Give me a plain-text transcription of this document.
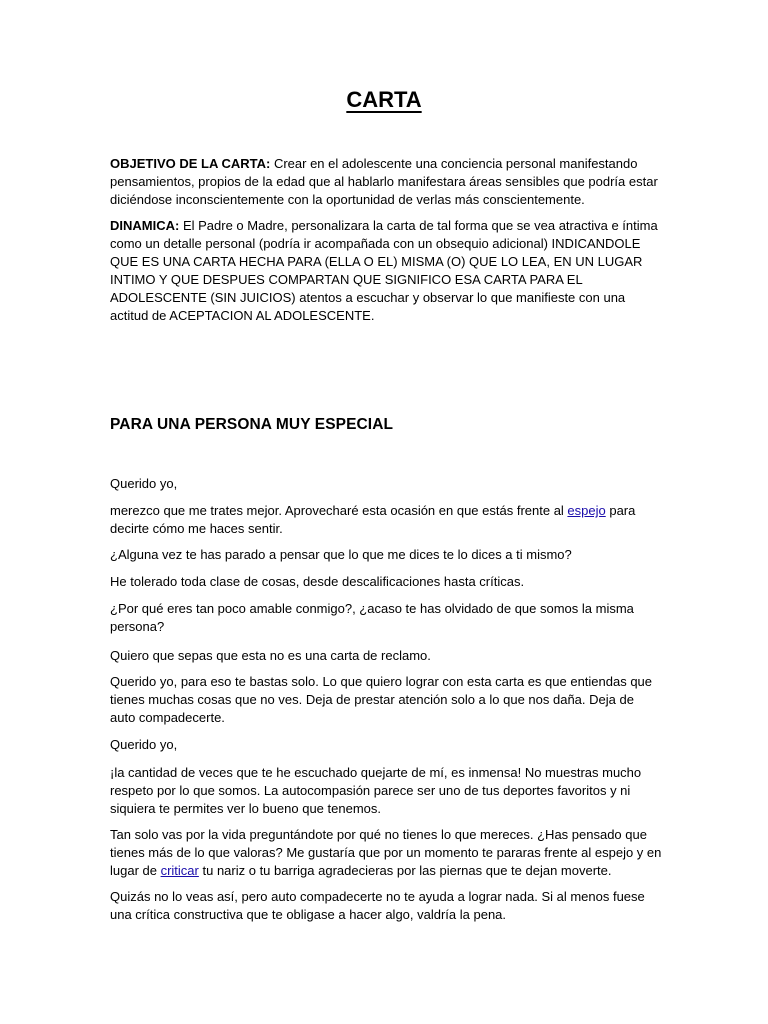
CARTA

OBJETIVO DE LA CARTA: Crear en el adolescente una conciencia personal manifestando pensamientos, propios de la edad que al hablarlo manifestara áreas sensibles que podría estar diciéndose inconscientemente con la oportunidad de verlas más conscientemente.

DINAMICA: El Padre o Madre, personalizara la carta de tal forma que se vea atractiva e íntima como un detalle personal (podría ir acompañada con un obsequio adicional) INDICANDOLE QUE ES UNA CARTA HECHA PARA (ELLA O EL) MISMA (O) QUE LO LEA, EN UN LUGAR INTIMO Y QUE DESPUES COMPARTAN QUE SIGNIFICO ESA CARTA PARA EL ADOLESCENTE (SIN JUICIOS) atentos a escuchar y observar lo que manifieste con una actitud de ACEPTACION AL ADOLESCENTE.

PARA UNA PERSONA MUY ESPECIAL

Querido yo,

merezco que me trates mejor. Aprovecharé esta ocasión en que estás frente al espejo para decirte cómo me haces sentir.

¿Alguna vez te has parado a pensar que lo que me dices te lo dices a ti mismo?

He tolerado toda clase de cosas, desde descalificaciones hasta críticas.

¿Por qué eres tan poco amable conmigo?, ¿acaso te has olvidado de que somos la misma persona?

Quiero que sepas que esta no es una carta de reclamo.

Querido yo, para eso te bastas solo. Lo que quiero lograr con esta carta es que entiendas que tienes muchas cosas que no ves. Deja de prestar atención solo a lo que nos daña. Deja de auto compadecerte.

Querido yo,

¡la cantidad de veces que te he escuchado quejarte de mí, es inmensa! No muestras mucho respeto por lo que somos. La autocompasión parece ser uno de tus deportes favoritos y ni siquiera te permites ver lo bueno que tenemos.

Tan solo vas por la vida preguntándote por qué no tienes lo que mereces. ¿Has pensado que tienes más de lo que valoras? Me gustaría que por un momento te pararas frente al espejo y en lugar de criticar tu nariz o tu barriga agradecieras por las piernas que te dejan moverte.

Quizás no lo veas así, pero auto compadecerte no te ayuda a lograr nada. Si al menos fuese una crítica constructiva que te obligase a hacer algo, valdría la pena.
